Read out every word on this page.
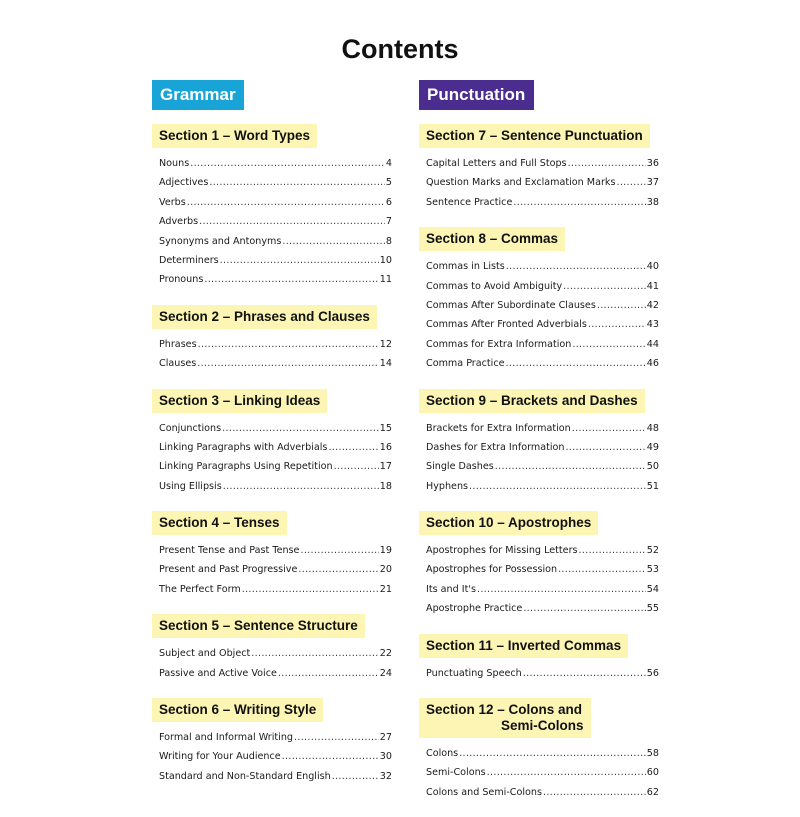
Contents
Grammar
Section 1 – Word Types
Nouns .....	4
Adjectives .....	5
Verbs .....	6
Adverbs .....	7
Synonyms and Antonyms .....	8
Determiners .....	10
Pronouns .....	11
Section 2 – Phrases and Clauses
Phrases .....	12
Clauses .....	14
Section 3 – Linking Ideas
Conjunctions .....	15
Linking Paragraphs with Adverbials .....	16
Linking Paragraphs Using Repetition .....	17
Using Ellipsis .....	18
Section 4 – Tenses
Present Tense and Past Tense .....	19
Present and Past Progressive .....	20
The Perfect Form .....	21
Section 5 – Sentence Structure
Subject and Object .....	22
Passive and Active Voice .....	24
Section 6 – Writing Style
Formal and Informal Writing .....	27
Writing for Your Audience .....	30
Standard and Non-Standard English .....	32
Punctuation
Section 7 – Sentence Punctuation
Capital Letters and Full Stops .....	36
Question Marks and Exclamation Marks .....	37
Sentence Practice .....	38
Section 8 – Commas
Commas in Lists .....	40
Commas to Avoid Ambiguity .....	41
Commas After Subordinate Clauses .....	42
Commas After Fronted Adverbials .....	43
Commas for Extra Information .....	44
Comma Practice .....	46
Section 9 – Brackets and Dashes
Brackets for Extra Information .....	48
Dashes for Extra Information .....	49
Single Dashes .....	50
Hyphens .....	51
Section 10 – Apostrophes
Apostrophes for Missing Letters .....	52
Apostrophes for Possession .....	53
Its and It's .....	54
Apostrophe Practice .....	55
Section 11 – Inverted Commas
Punctuating Speech .....	56
Section 12 – Colons and
Semi-Colons
Colons .....	58
Semi-Colons .....	60
Colons and Semi-Colons .....	62
